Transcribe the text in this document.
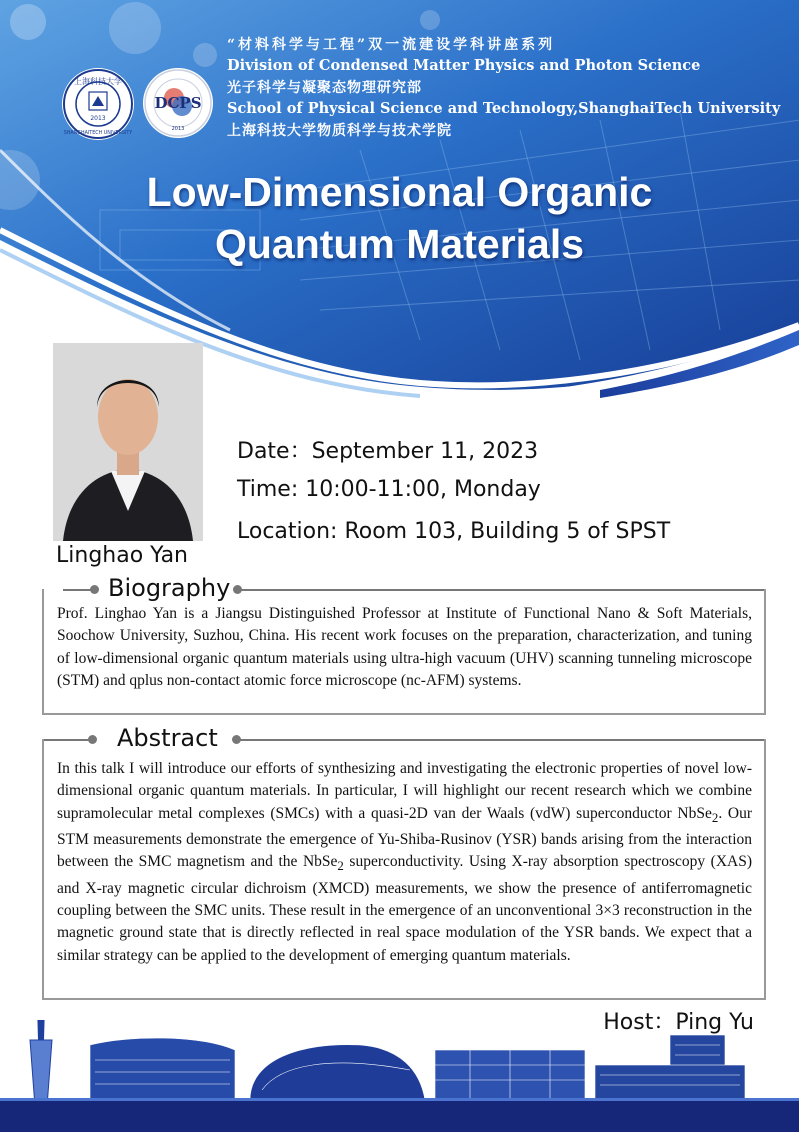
上海科技大学
SHANGHAITECH UNIVERSITY
2013
DCPS
2013
“材料科学与工程”双一流建设学科讲座系列
Division of Condensed Matter Physics and Photon Science
光子科学与凝聚态物理研究部
School of Physical Science and Technology,ShanghaiTech University
上海科技大学物质科学与技术学院
Low-Dimensional Organic
Quantum Materials
Linghao Yan
Date：September 11, 2023
Time: 10:00-11:00, Monday
Location: Room 103, Building 5 of SPST
Biography
Prof. Linghao Yan is a Jiangsu Distinguished Professor at Institute of Functional Nano & Soft Materials, Soochow University, Suzhou, China. His recent work focuses on the preparation, characterization, and tuning of low-dimensional organic quantum materials using ultra-high vacuum (UHV) scanning tunneling microscope (STM) and qplus non-contact atomic force microscope (nc-AFM) systems.
Abstract
In this talk I will introduce our efforts of synthesizing and investigating the electronic properties of novel low-dimensional organic quantum materials. In particular, I will highlight our recent research which we combine supramolecular metal complexes (SMCs) with a quasi-2D van der Waals (vdW) superconductor NbSe$_2$. Our STM measurements demonstrate the emergence of Yu-Shiba-Rusinov (YSR) bands arising from the interaction between the SMC magnetism and the NbSe$_2$ superconductivity. Using X-ray absorption spectroscopy (XAS) and X-ray magnetic circular dichroism (XMCD) measurements, we show the presence of antiferromagnetic coupling between the SMC units. These result in the emergence of an unconventional 3×3 reconstruction in the magnetic ground state that is directly reflected in real space modulation of the YSR bands. We expect that a similar strategy can be applied to the development of emerging quantum materials.
Host：Ping Yu
